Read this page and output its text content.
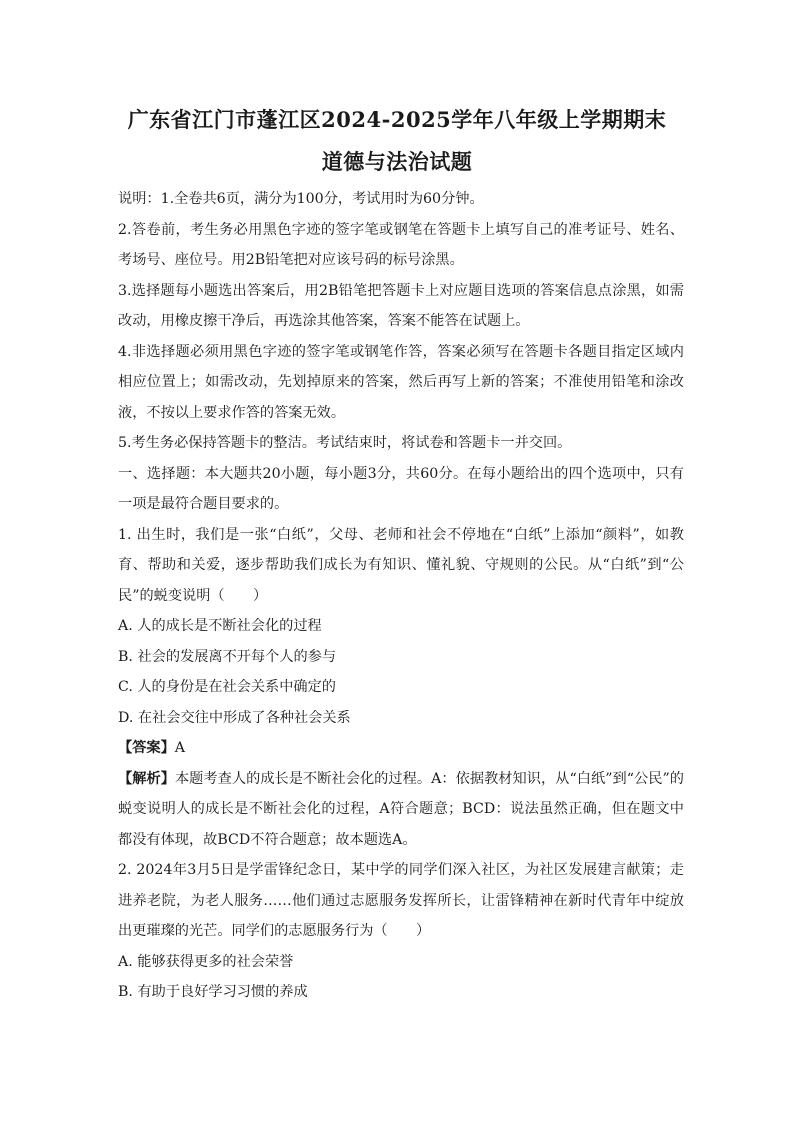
广东省江门市蓬江区2024-2025学年八年级上学期期末
道德与法治试题

说明：1.全卷共6页，满分为100分，考试用时为60分钟。

2.答卷前，考生务必用黑色字迹的签字笔或钢笔在答题卡上填写自己的准考证号、姓名、考场号、座位号。用2B铅笔把对应该号码的标号涂黑。

3.选择题每小题选出答案后，用2B铅笔把答题卡上对应题目选项的答案信息点涂黑，如需改动，用橡皮擦干净后，再选涂其他答案，答案不能答在试题上。

4.非选择题必须用黑色字迹的签字笔或钢笔作答，答案必须写在答题卡各题目指定区域内相应位置上；如需改动，先划掉原来的答案，然后再写上新的答案；不准使用铅笔和涂改液，不按以上要求作答的答案无效。

5.考生务必保持答题卡的整洁。考试结束时，将试卷和答题卡一并交回。

一、选择题：本大题共20小题，每小题3分，共60分。在每小题给出的四个选项中，只有一项是最符合题目要求的。

1. 出生时，我们是一张“白纸”，父母、老师和社会不停地在“白纸”上添加“颜料”，如教育、帮助和关爱，逐步帮助我们成长为有知识、懂礼貌、守规则的公民。从“白纸”到“公民”的蜕变说明（　　）

A. 人的成长是不断社会化的过程

B. 社会的发展离不开每个人的参与

C. 人的身份是在社会关系中确定的

D. 在社会交往中形成了各种社会关系

【答案】A

【解析】本题考查人的成长是不断社会化的过程。A：依据教材知识，从“白纸”到“公民”的蜕变说明人的成长是不断社会化的过程，A符合题意；BCD：说法虽然正确，但在题文中都没有体现，故BCD不符合题意；故本题选A。

2. 2024年3月5日是学雷锋纪念日，某中学的同学们深入社区，为社区发展建言献策；走进养老院，为老人服务……他们通过志愿服务发挥所长，让雷锋精神在新时代青年中绽放出更璀璨的光芒。同学们的志愿服务行为（　　）

A. 能够获得更多的社会荣誉

B. 有助于良好学习习惯的养成
